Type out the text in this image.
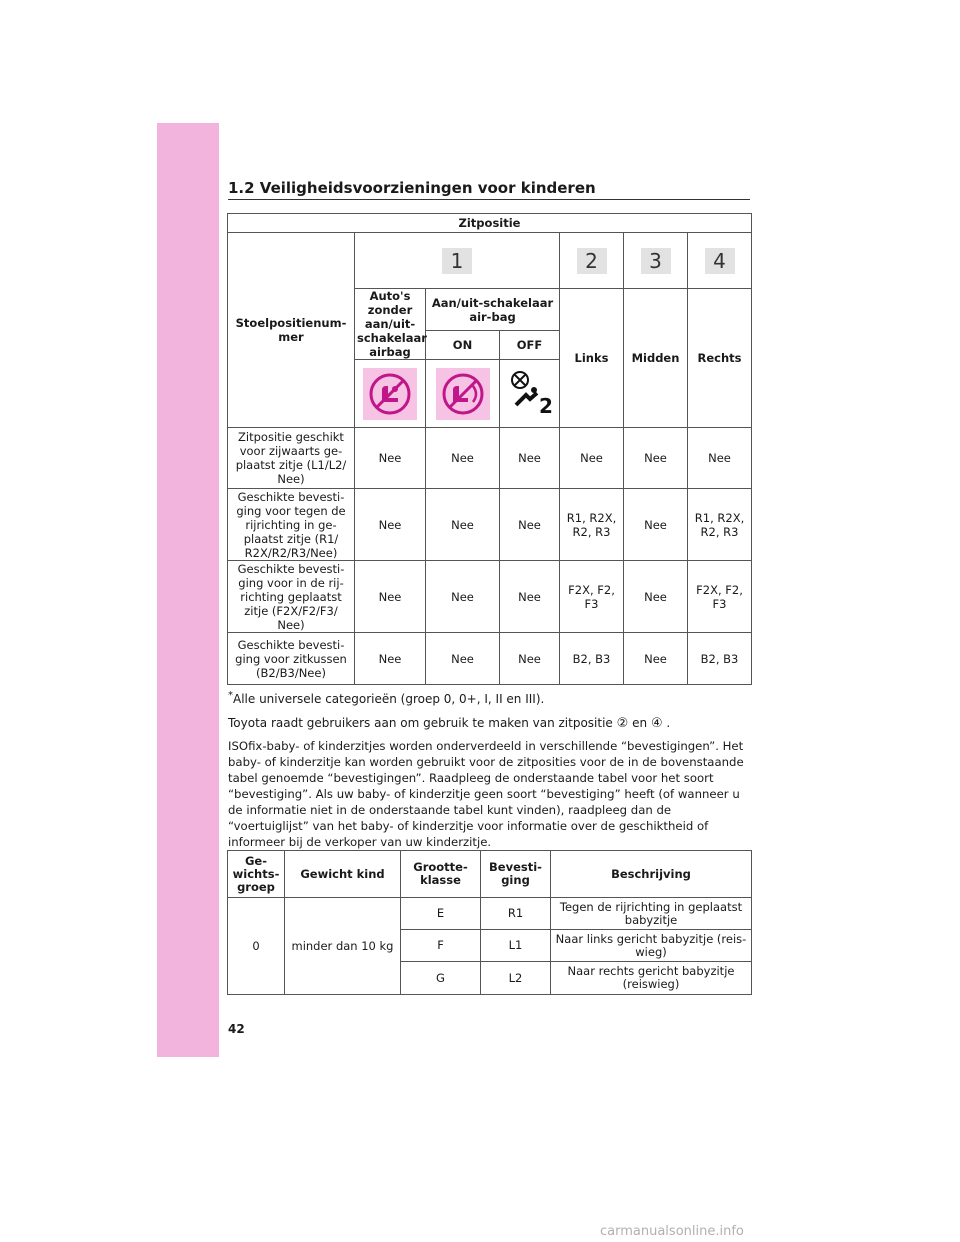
1.2 Veiligheidsvoorzieningen voor kinderen
Zitpositie						
Stoelpositienum-mer	1			2	3	4
	Auto's zonder aan/uit-schakelaar airbag	Aan/uit-schakelaar air-bag		Links	Midden	Rechts
		ON	OFF			

2			

Zitpositie geschikt voor zijwaarts ge-plaatst zitje (L1/L2/ Nee)	Nee	Nee	Nee	Nee	Nee	Nee
Geschikte bevesti-ging voor tegen de rijrichting in ge-plaatst zitje (R1/ R2X/R2/R3/Nee)	Nee	Nee	Nee	R1, R2X, R2, R3	Nee	R1, R2X, R2, R3
Geschikte bevesti-ging voor in de rij-richting geplaatst zitje (F2X/F2/F3/ Nee)	Nee	Nee	Nee	F2X, F2, F3	Nee	F2X, F2, F3
Geschikte bevesti-ging voor zitkussen (B2/B3/Nee)	Nee	Nee	Nee	B2, B3	Nee	B2, B3
*Alle universele categorieën (groep 0, 0+, I, II en III).
Toyota raadt gebruikers aan om gebruik te maken van zitpositie ② en ④ .
ISOfix-baby- of kinderzitjes worden onderverdeeld in verschillende “bevestigingen”. Het baby- of kinderzitje kan worden gebruikt voor de zitposities voor de in de bovenstaande tabel genoemde “bevestigingen”. Raadpleeg de onderstaande tabel voor het soort “bevestiging”. Als uw baby- of kinderzitje geen soort “bevestiging” heeft (of wanneer u de informatie niet in de onderstaande tabel kunt vinden), raadpleeg dan de “voertuiglijst” van het baby- of kinderzitje voor informatie over de geschiktheid of informeer bij de verkoper van uw kinderzitje.
Ge-wichts-groep	Gewicht kind	Grootte-klasse	Bevesti-ging	Beschrijving
0	minder dan 10 kg	E	R1	Tegen de rijrichting in geplaatst babyzitje
		F	L1	Naar links gericht babyzitje (reis-wieg)
		G	L2	Naar rechts gericht babyzitje (reiswieg)
42
carmanualsonline.info
